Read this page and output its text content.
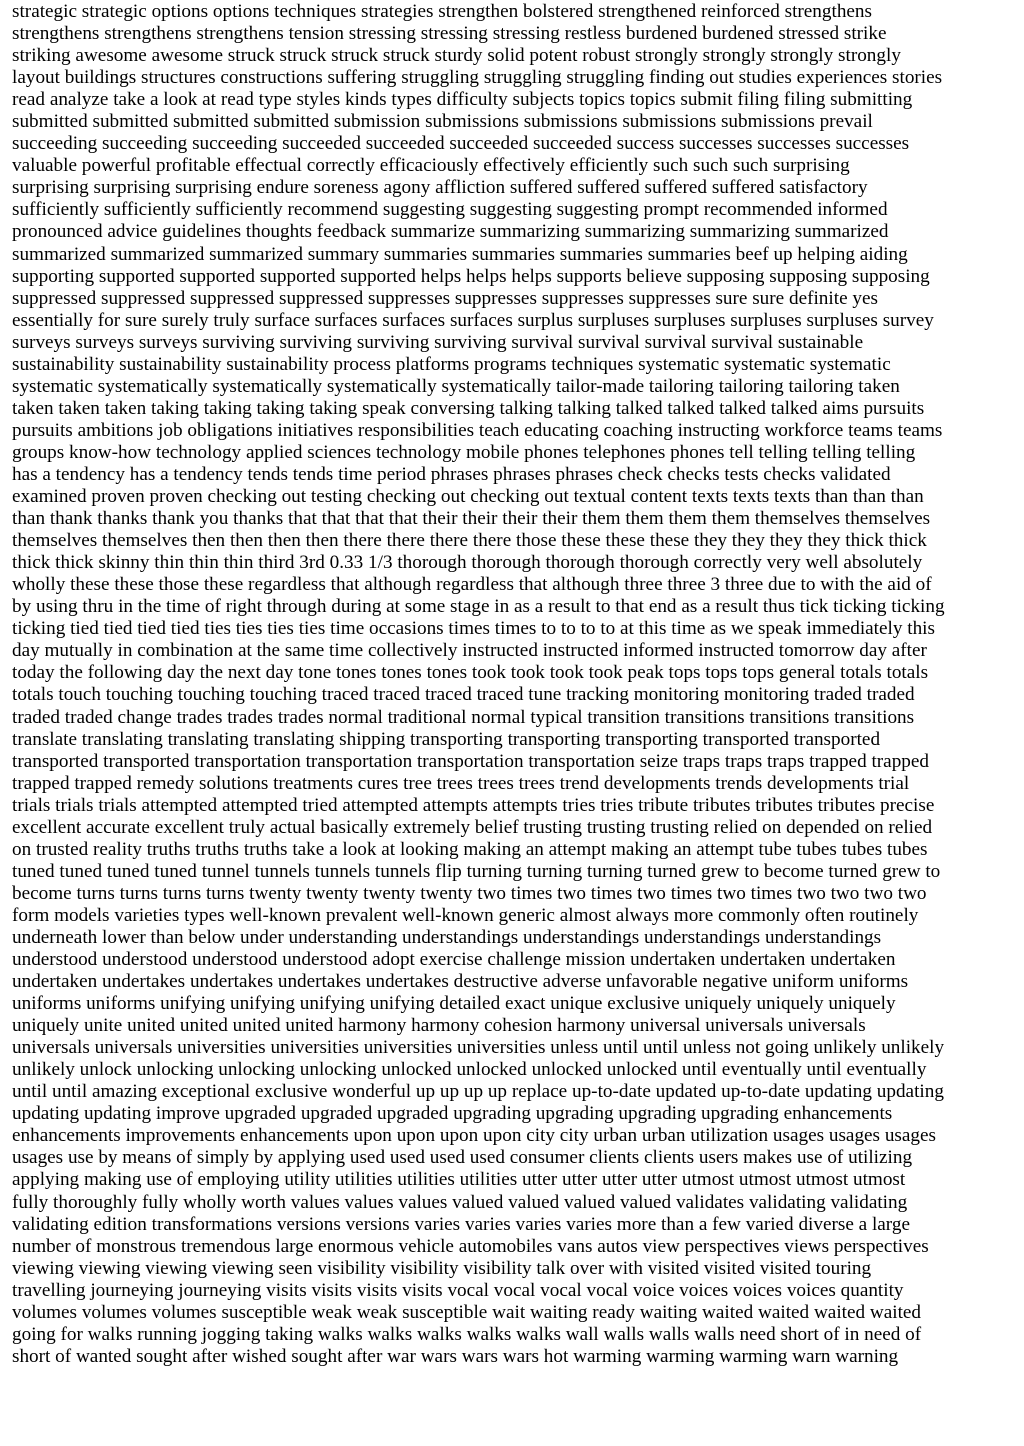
strategic strategic options options techniques strategies strengthen bolstered strengthened reinforced strengthens
strengthens strengthens strengthens tension stressing stressing stressing restless burdened burdened stressed strike
striking awesome awesome struck struck struck struck sturdy solid potent robust strongly strongly strongly strongly
layout buildings structures constructions suffering struggling struggling struggling finding out studies experiences stories
read analyze take a look at read type styles kinds types difficulty subjects topics topics submit filing filing submitting
submitted submitted submitted submitted submission submissions submissions submissions submissions prevail
succeeding succeeding succeeding succeeded succeeded succeeded succeeded success successes successes successes
valuable powerful profitable effectual correctly efficaciously effectively efficiently such such such surprising
surprising surprising surprising endure soreness agony affliction suffered suffered suffered suffered satisfactory
sufficiently sufficiently sufficiently recommend suggesting suggesting suggesting prompt recommended informed
pronounced advice guidelines thoughts feedback summarize summarizing summarizing summarizing summarized
summarized summarized summarized summary summaries summaries summaries summaries beef up helping aiding
supporting supported supported supported supported helps helps helps supports believe supposing supposing supposing
suppressed suppressed suppressed suppressed suppresses suppresses suppresses suppresses sure sure definite yes
essentially for sure surely truly surface surfaces surfaces surfaces surplus surpluses surpluses surpluses surpluses survey
surveys surveys surveys surviving surviving surviving surviving survival survival survival survival sustainable
sustainability sustainability sustainability process platforms programs techniques systematic systematic systematic
systematic systematically systematically systematically systematically tailor-made tailoring tailoring tailoring taken
taken taken taken taking taking taking taking speak conversing talking talking talked talked talked talked aims pursuits
pursuits ambitions job obligations initiatives responsibilities teach educating coaching instructing workforce teams teams
groups know-how technology applied sciences technology mobile phones telephones phones tell telling telling telling
has a tendency has a tendency tends tends time period phrases phrases phrases check checks tests checks validated
examined proven proven checking out testing checking out checking out textual content texts texts texts than than than
than thank thanks thank you thanks that that that that their their their their them them them them themselves themselves
themselves themselves then then then then there there there there those these these these they they they they thick thick
thick thick skinny thin thin thin third 3rd 0.33 1/3 thorough thorough thorough thorough correctly very well absolutely
wholly these these those these regardless that although regardless that although three three 3 three due to with the aid of
by using thru in the time of right through during at some stage in as a result to that end as a result thus tick ticking ticking
ticking tied tied tied tied ties ties ties ties time occasions times times to to to to at this time as we speak immediately this
day mutually in combination at the same time collectively instructed instructed informed instructed tomorrow day after
today the following day the next day tone tones tones tones took took took took peak tops tops tops general totals totals
totals touch touching touching touching traced traced traced traced tune tracking monitoring monitoring traded traded
traded traded change trades trades trades normal traditional normal typical transition transitions transitions transitions
translate translating translating translating shipping transporting transporting transporting transported transported
transported transported transportation transportation transportation transportation seize traps traps traps trapped trapped
trapped trapped remedy solutions treatments cures tree trees trees trees trend developments trends developments trial
trials trials trials attempted attempted tried attempted attempts attempts tries tries tribute tributes tributes tributes precise
excellent accurate excellent truly actual basically extremely belief trusting trusting trusting relied on depended on relied
on trusted reality truths truths truths take a look at looking making an attempt making an attempt tube tubes tubes tubes
tuned tuned tuned tuned tunnel tunnels tunnels tunnels flip turning turning turning turned grew to become turned grew to
become turns turns turns turns twenty twenty twenty twenty two times two times two times two times two two two two
form models varieties types well-known prevalent well-known generic almost always more commonly often routinely
underneath lower than below under understanding understandings understandings understandings understandings
understood understood understood understood adopt exercise challenge mission undertaken undertaken undertaken
undertaken undertakes undertakes undertakes undertakes destructive adverse unfavorable negative uniform uniforms
uniforms uniforms unifying unifying unifying unifying detailed exact unique exclusive uniquely uniquely uniquely
uniquely unite united united united united harmony harmony cohesion harmony universal universals universals
universals universals universities universities universities universities unless until until unless not going unlikely unlikely
unlikely unlock unlocking unlocking unlocking unlocked unlocked unlocked unlocked until eventually until eventually
until until amazing exceptional exclusive wonderful up up up up replace up-to-date updated up-to-date updating updating
updating updating improve upgraded upgraded upgraded upgrading upgrading upgrading upgrading enhancements
enhancements improvements enhancements upon upon upon upon city city urban urban utilization usages usages usages
usages use by means of simply by applying used used used used consumer clients clients users makes use of utilizing
applying making use of employing utility utilities utilities utilities utter utter utter utter utmost utmost utmost utmost
fully thoroughly fully wholly worth values values values valued valued valued valued validates validating validating
validating edition transformations versions versions varies varies varies varies more than a few varied diverse a large
number of monstrous tremendous large enormous vehicle automobiles vans autos view perspectives views perspectives
viewing viewing viewing viewing seen visibility visibility visibility talk over with visited visited visited touring
travelling journeying journeying visits visits visits visits vocal vocal vocal vocal voice voices voices voices quantity
volumes volumes volumes susceptible weak weak susceptible wait waiting ready waiting waited waited waited waited
going for walks running jogging taking walks walks walks walks walks wall walls walls walls need short of in need of
short of wanted sought after wished sought after war wars wars wars hot warming warming warming warn warning
